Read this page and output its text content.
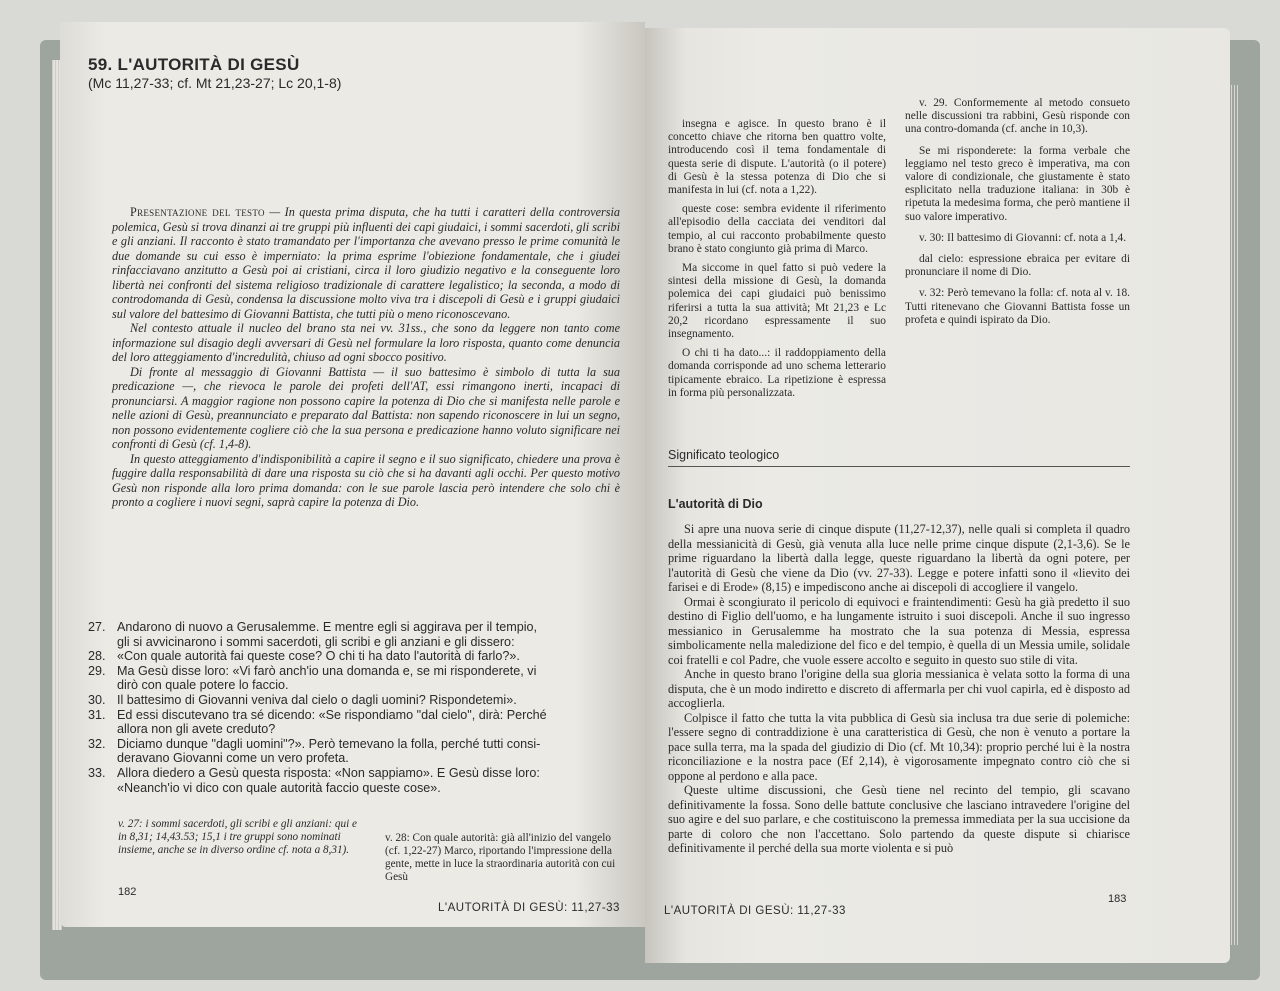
59. L'AUTORITÀ DI GESÙ
(Mc 11,27-33; cf. Mt 21,23-27; Lc 20,1-8)

Presentazione del testo — In questa prima disputa, che ha tutti i caratteri della controversia polemica, Gesù si trova dinanzi ai tre gruppi più influenti dei capi giudaici, i sommi sacerdoti, gli scribi e gli anziani. Il racconto è stato tramandato per l'importanza che avevano presso le prime comunità le due domande su cui esso è imperniato: la prima esprime l'obiezione fondamentale, che i giudei rinfacciavano anzitutto a Gesù poi ai cristiani, circa il loro giudizio negativo e la conseguente loro libertà nei confronti del sistema religioso tradizionale di carattere legalistico; la seconda, a modo di controdomanda di Gesù, condensa la discussione molto viva tra i discepoli di Gesù e i gruppi giudaici sul valore del battesimo di Giovanni Battista, che tutti più o meno riconoscevano.

Nel contesto attuale il nucleo del brano sta nei vv. 31ss., che sono da leggere non tanto come informazione sul disagio degli avversari di Gesù nel formulare la loro risposta, quanto come denuncia del loro atteggiamento d'incredulità, chiuso ad ogni sbocco positivo.

Di fronte al messaggio di Giovanni Battista — il suo battesimo è simbolo di tutta la sua predicazione —, che rievoca le parole dei profeti dell'AT, essi rimangono inerti, incapaci di pronunciarsi. A maggior ragione non possono capire la potenza di Dio che si manifesta nelle parole e nelle azioni di Gesù, preannunciato e preparato dal Battista: non sapendo riconoscere in lui un segno, non possono evidentemente cogliere ciò che la sua persona e predicazione hanno voluto significare nei confronti di Gesù (cf. 1,4-8).

In questo atteggiamento d'indisponibilità a capire il segno e il suo significato, chiedere una prova è fuggire dalla responsabilità di dare una risposta su ciò che si ha davanti agli occhi. Per questo motivo Gesù non risponde alla loro prima domanda: con le sue parole lascia però intendere che solo chi è pronto a cogliere i nuovi segni, saprà capire la potenza di Dio.

27. Andarono di nuovo a Gerusalemme. E mentre egli si aggirava per il tempio,
gli si avvicinarono i sommi sacerdoti, gli scribi e gli anziani e gli dissero:
28. «Con quale autorità fai queste cose? O chi ti ha dato l'autorità di farlo?».
29. Ma Gesù disse loro: «Vi farò anch'io una domanda e, se mi risponderete, vi
dirò con quale potere lo faccio.
30. Il battesimo di Giovanni veniva dal cielo o dagli uomini? Rispondetemi».
31. Ed essi discutevano tra sé dicendo: «Se rispondiamo "dal cielo", dirà: Perché
allora non gli avete creduto?
32. Diciamo dunque "dagli uomini"?». Però temevano la folla, perché tutti consi-
deravano Giovanni come un vero profeta.
33. Allora diedero a Gesù questa risposta: «Non sappiamo». E Gesù disse loro:
«Neanch'io vi dico con quale autorità faccio queste cose».
v. 27: i sommi sacerdoti, gli scribi e gli anziani: qui e in 8,31; 14,43.53; 15,1 i tre gruppi sono nominati insieme, anche se in diverso ordine cf. nota a 8,31).
v. 28: Con quale autorità: già all'inizio del vangelo (cf. 1,22-27) Marco, riportando l'impressione della gente, mette in luce la straordinaria autorità con cui Gesù
182
L'AUTORITÀ DI GESÙ: 11,27-33

insegna e agisce. In questo brano è il concetto chiave che ritorna ben quattro volte, introducendo così il tema fondamentale di questa serie di dispute. L'autorità (o il potere) di Gesù è la stessa potenza di Dio che si manifesta in lui (cf. nota a 1,22).

queste cose: sembra evidente il riferimento all'episodio della cacciata dei venditori dal tempio, al cui racconto probabilmente questo brano è stato congiunto già prima di Marco.

Ma siccome in quel fatto si può vedere la sintesi della missione di Gesù, la domanda polemica dei capi giudaici può benissimo riferirsi a tutta la sua attività; Mt 21,23 e Lc 20,2 ricordano espressamente il suo insegnamento.

O chi ti ha dato...: il raddoppiamento della domanda corrisponde ad uno schema letterario tipicamente ebraico. La ripetizione è espressa in forma più personalizzata.

v. 29. Conformemente al metodo consueto nelle discussioni tra rabbini, Gesù risponde con una contro-domanda (cf. anche in 10,3).

Se mi risponderete: la forma verbale che leggiamo nel testo greco è imperativa, ma con valore di condizionale, che giustamente è stato esplicitato nella traduzione italiana: in 30b è ripetuta la medesima forma, che però mantiene il suo valore imperativo.

v. 30: Il battesimo di Giovanni: cf. nota a 1,4.

dal cielo: espressione ebraica per evitare di pronunciare il nome di Dio.

v. 32: Però temevano la folla: cf. nota al v. 18. Tutti ritenevano che Giovanni Battista fosse un profeta e quindi ispirato da Dio.

Significato teologico
L'autorità di Dio

Si apre una nuova serie di cinque dispute (11,27-12,37), nelle quali si completa il quadro della messianicità di Gesù, già venuta alla luce nelle prime cinque dispute (2,1-3,6). Se le prime riguardano la libertà dalla legge, queste riguardano la libertà da ogni potere, per l'autorità di Gesù che viene da Dio (vv. 27-33). Legge e potere infatti sono il «lievito dei farisei e di Erode» (8,15) e impediscono anche ai discepoli di accogliere il vangelo.

Ormai è scongiurato il pericolo di equivoci e fraintendimenti: Gesù ha già predetto il suo destino di Figlio dell'uomo, e ha lungamente istruito i suoi discepoli. Anche il suo ingresso messianico in Gerusalemme ha mostrato che la sua potenza di Messia, espressa simbolicamente nella maledizione del fico e del tempio, è quella di un Messia umile, solidale coi fratelli e col Padre, che vuole essere accolto e seguito in questo suo stile di vita.

Anche in questo brano l'origine della sua gloria messianica è velata sotto la forma di una disputa, che è un modo indiretto e discreto di affermarla per chi vuol capirla, ed è disposto ad accoglierla.

Colpisce il fatto che tutta la vita pubblica di Gesù sia inclusa tra due serie di polemiche: l'essere segno di contraddizione è una caratteristica di Gesù, che non è venuto a portare la pace sulla terra, ma la spada del giudizio di Dio (cf. Mt 10,34): proprio perché lui è la nostra riconciliazione e la nostra pace (Ef 2,14), è vigorosamente impegnato contro ciò che si oppone al perdono e alla pace.

Queste ultime discussioni, che Gesù tiene nel recinto del tempio, gli scavano definitivamente la fossa. Sono delle battute conclusive che lasciano intravedere l'origine del suo agire e del suo parlare, e che costituiscono la premessa immediata per la sua uccisione da parte di coloro che non l'accettano. Solo partendo da queste dispute si chiarisce definitivamente il perché della sua morte violenta e si può

L'AUTORITÀ DI GESÙ: 11,27-33
183
